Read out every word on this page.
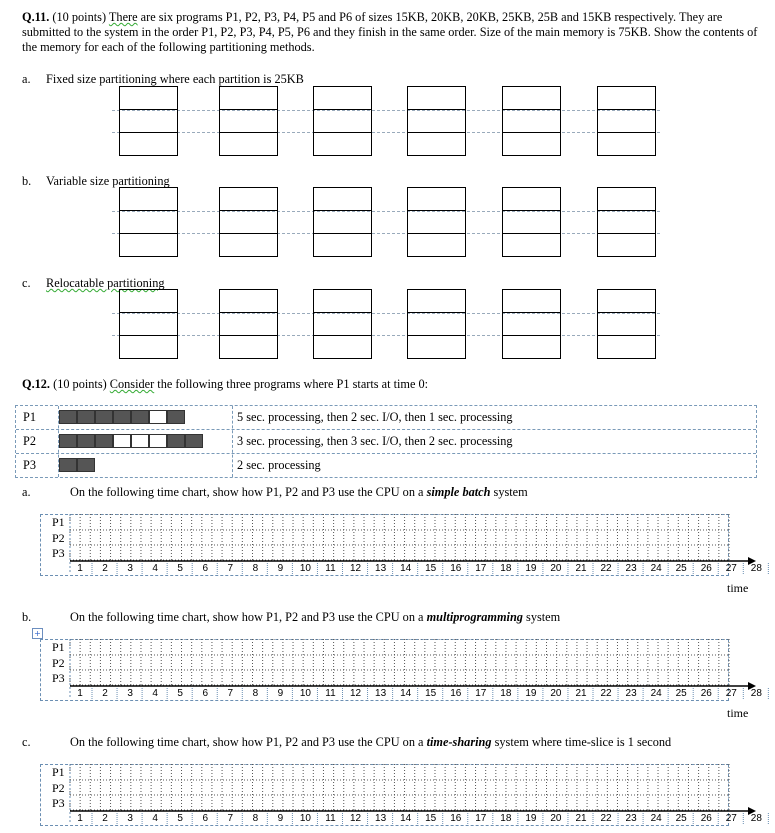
Q.11. (10 points) There are six programs P1, P2, P3, P4, P5 and P6 of sizes 15KB, 20KB, 20KB, 25KB, 25B and 15KB respectively. They are submitted to the system in the order P1, P2, P3, P4, P5, P6 and they finish in the same order. Size of the main memory is 75KB. Show the contents of the memory for each of the following partitioning methods.
a. Fixed size partitioning where each partition is 25KB
b. Variable size partitioning
c. Relocatable partitioning
Q.12. (10 points) Consider the following three programs where P1 starts at time 0:
P1	5 sec. processing, then 2 sec. I/O, then 1 sec. processing
P2	3 sec. processing, then 3 sec. I/O, then 2 sec. processing
P3	2 sec. processing
a.	On the following time chart, show how P1, P2 and P3 use the CPU on a simple batch system
b.	On the following time chart, show how P1, P2 and P3 use the CPU on a multiprogramming system
c.	On the following time chart, show how P1, P2 and P3 use the CPU on a time-sharing system where time-slice is 1 second
+
P1
P2
P3
1	2	3	4	5	6	7	8	9	10	11	12	13	14	15	16	17	18	19	20	21	22	23	24	25	26	27	28
P1
P2
P3
1	2	3	4	5	6	7	8	9	10	11	12	13	14	15	16	17	18	19	20	21	22	23	24	25	26	27	28
P1
P2
P3
1	2	3	4	5	6	7	8	9	10	11	12	13	14	15	16	17	18	19	20	21	22	23	24	25	26	27	28
time
time
